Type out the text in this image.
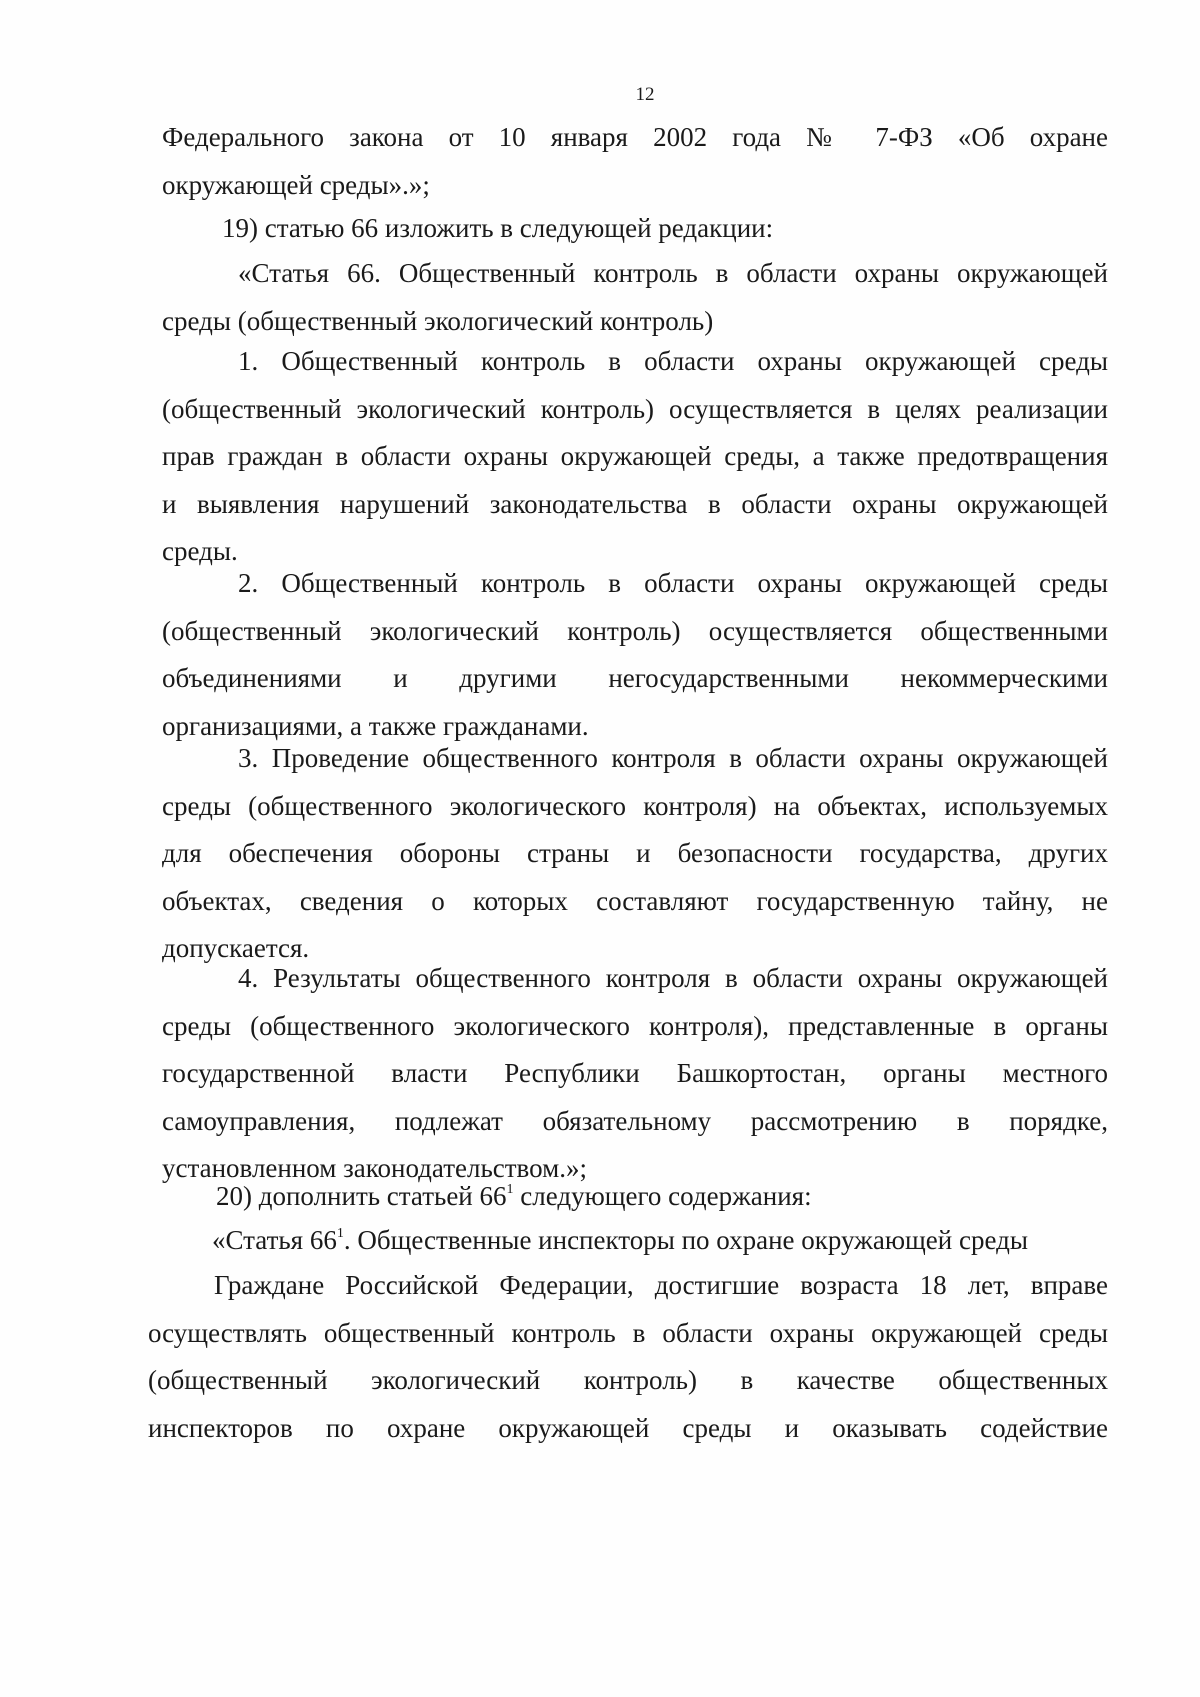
12
Федерального закона от 10 января 2002 года № 7-ФЗ «Об охране
окружающей среды».»;
19) статью 66 изложить в следующей редакции:
«Статья 66. Общественный контроль в области охраны окружающей
среды (общественный экологический контроль)
1. Общественный контроль в области охраны окружающей среды
(общественный экологический контроль) осуществляется в целях реализации
прав граждан в области охраны окружающей среды, а также предотвращения
и выявления нарушений законодательства в области охраны окружающей
среды.
2. Общественный контроль в области охраны окружающей среды
(общественный экологический контроль) осуществляется общественными
объединениями и другими негосударственными некоммерческими
организациями, а также гражданами.
3. Проведение общественного контроля в области охраны окружающей
среды (общественного экологического контроля) на объектах, используемых
для обеспечения обороны страны и безопасности государства, других
объектах, сведения о которых составляют государственную тайну, не
допускается.
4. Результаты общественного контроля в области охраны окружающей
среды (общественного экологического контроля), представленные в органы
государственной власти Республики Башкортостан, органы местного
самоуправления, подлежат обязательному рассмотрению в порядке,
установленном законодательством.»;
20) дополнить статьей $66^1$ следующего содержания:
«Статья $66^1$. Общественные инспекторы по охране окружающей среды
Граждане Российской Федерации, достигшие возраста 18 лет, вправе
осуществлять общественный контроль в области охраны окружающей среды
(общественный экологический контроль) в качестве общественных
инспекторов по охране окружающей среды и оказывать содействие
